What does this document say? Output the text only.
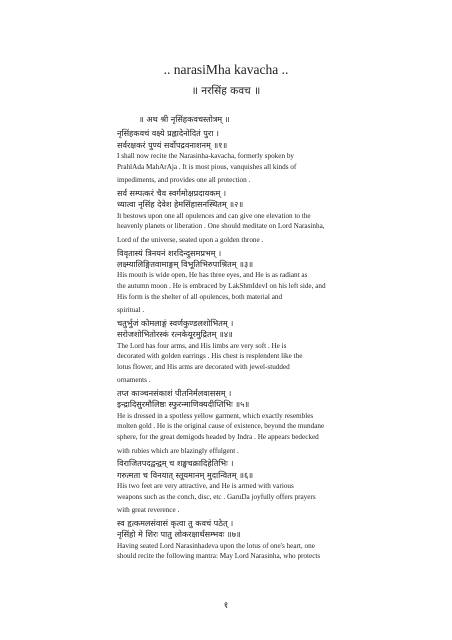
.. narasiMha kavacha ..
॥ नरसिंह कवच ॥

॥ अथ श्री नृसिंहकवचस्तोत्रम् ॥

नृसिंहकवचं वक्ष्ये प्रह्लादेनोदितं पुरा ।

सर्वरक्षकरं पुण्यं सर्वोपद्रवनाशनम् ॥१॥

I shall now recite the Narasinha-kavacha, formerly spoken by
PrahlAda MahArAja . It is most pious, vanquishes all kinds of
impediments, and provides one all protection .

सर्व सम्पत्करं चैव स्वर्गमोक्षप्रदायकम् ।

ध्यात्वा नृसिंह देवेश हेमसिंहासनस्थितम् ॥२॥

It bestows upon one all opulences and can give one elevation to the
heavenly planets or liberation . One should meditate on Lord Narasinha,
Lord of the universe, seated upon a golden throne .

विवृतास्यं त्रिनयनं शरदिन्दुसमप्रभम् ।

लक्ष्म्यालिङ्गितवामाङ्गम् विभूतिभिरुपाश्रितम् ॥३॥

His mouth is wide open, He has three eyes, and He is as radiant as
the autumn moon . He is embraced by LakShmIdevI on his left side, and
His form is the shelter of all opulences, both material and
spiritual .

चतुर्भुजं कोमलाङ्गं स्वर्णकुण्डलशोभितम् ।

सरोजशोभितोरस्कं रत्नकेयूरमुद्रितम् ॥४॥

The Lord has four arms, and His limbs are very soft . He is
decorated with golden earrings . His chest is resplendent like the
lotus flower, and His arms are decorated with jewel-studded
ornaments .

तप्त काञ्चनसंकाशं पीतनिर्मलवाससम् ।

इन्द्रादिसुरमौलिष्ठः स्फुरन्माणिक्यदीप्तिभिः ॥५॥

He is dressed in a spotless yellow garment, which exactly resembles
molten gold . He is the original cause of existence, beyond the mundane
sphere, for the great demigods headed by Indra . He appears bedecked
with rubies which are blazingly effulgent .

विराजितपदद्वन्द्वम् च शङ्खचक्रादिहेतिभिः ।

गरुत्मता च विनयात् स्तूयमानम् मुदान्वितम् ॥६॥

His two feet are very attractive, and He is armed with various
weapons such as the conch, disc, etc . GaruDa joyfully offers prayers
with great reverence .

स्व हृत्कमलसंवासं कृत्वा तु कवचं पठेत् ।

नृसिंहो मे शिरः पातु लोकरक्षार्थसम्भवः ॥७॥

Having seated Lord Narasinhadeva upon the lotus of one's heart, one
should recite the following mantra: May Lord Narasinha, who protects
१
